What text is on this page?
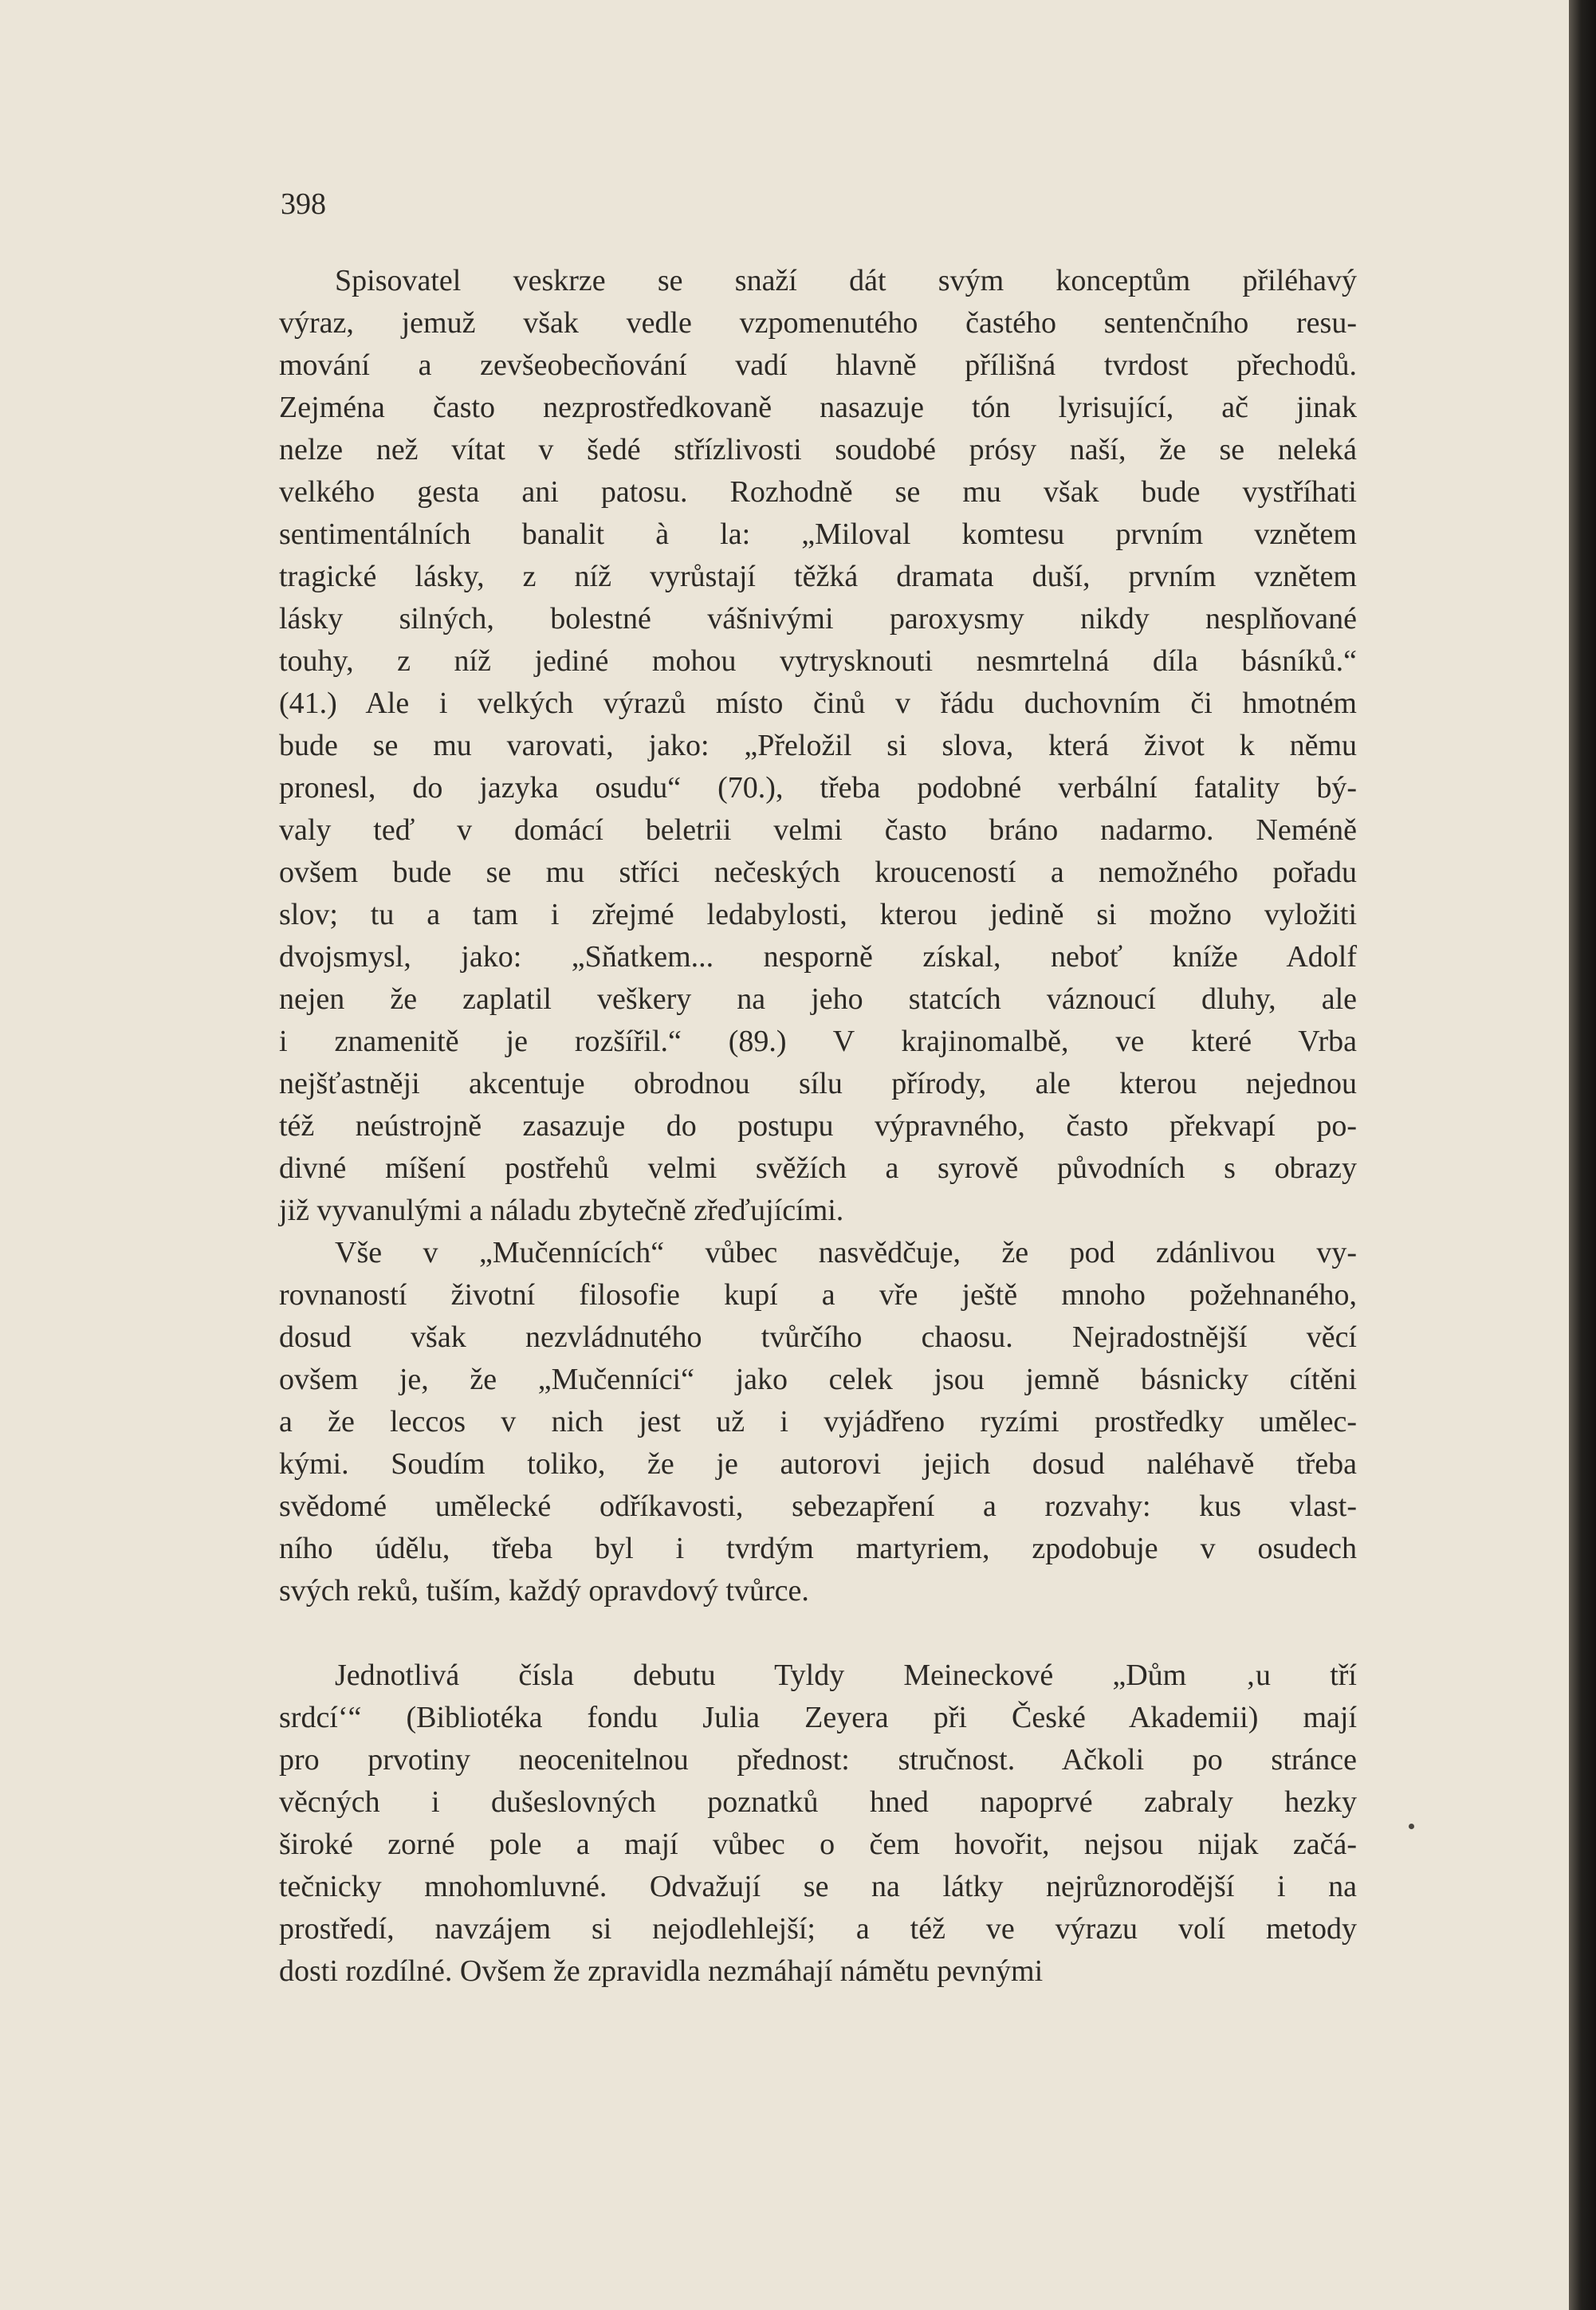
398
Spisovatel veskrze se snaží dát svým konceptům přiléhavý
výraz, jemuž však vedle vzpomenutého častého sentenčního resu-
mování a zevšeobecňování vadí hlavně přílišná tvrdost přechodů.
Zejména často nezprostředkovaně nasazuje tón lyrisující, ač jinak
nelze než vítat v šedé střízlivosti soudobé prósy naší, že se neleká
velkého gesta ani patosu. Rozhodně se mu však bude vystříhati
sentimentálních banalit à la: „Miloval komtesu prvním vznětem
tragické lásky, z níž vyrůstají těžká dramata duší, prvním vznětem
lásky silných, bolestné vášnivými paroxysmy nikdy nesplňované
touhy, z níž jediné mohou vytrysknouti nesmrtelná díla básníků.“
(41.) Ale i velkých výrazů místo činů v řádu duchovním či hmotném
bude se mu varovati, jako: „Přeložil si slova, která život k němu
pronesl, do jazyka osudu“ (70.), třeba podobné verbální fatality bý-
valy teď v domácí beletrii velmi často bráno nadarmo. Neméně
ovšem bude se mu stříci nečeských krouceností a nemožného pořadu
slov; tu a tam i zřejmé ledabylosti, kterou jedině si možno vyložiti
dvojsmysl, jako: „Sňatkem... nesporně získal, neboť kníže Adolf
nejen že zaplatil veškery na jeho statcích váznoucí dluhy, ale
i znamenitě je rozšířil.“ (89.) V krajinomalbě, ve které Vrba
nejšťastněji akcentuje obrodnou sílu přírody, ale kterou nejednou
též neústrojně zasazuje do postupu výpravného, často překvapí po-
divné míšení postřehů velmi svěžích a syrově původních s obrazy
již vyvanulými a náladu zbytečně zřeďujícími.
Vše v „Mučennících“ vůbec nasvědčuje, že pod zdánlivou vy-
rovnaností životní filosofie kupí a vře ještě mnoho požehnaného,
dosud však nezvládnutého tvůrčího chaosu. Nejradostnější věcí
ovšem je, že „Mučenníci“ jako celek jsou jemně básnicky cítěni
a že leccos v nich jest už i vyjádřeno ryzími prostředky umělec-
kými. Soudím toliko, že je autorovi jejich dosud naléhavě třeba
svědomé umělecké odříkavosti, sebezapření a rozvahy: kus vlast-
ního údělu, třeba byl i tvrdým martyriem, zpodobuje v osudech
svých reků, tuším, každý opravdový tvůrce.
Jednotlivá čísla debutu Tyldy Meineckové „Dům ‚u tří
srdcí‘“ (Bibliotéka fondu Julia Zeyera při České Akademii) mají
pro prvotiny neocenitelnou přednost: stručnost. Ačkoli po stránce
věcných i dušeslovných poznatků hned napoprvé zabraly hezky
široké zorné pole a mají vůbec o čem hovořit, nejsou nijak začá-
tečnicky mnohomluvné. Odvažují se na látky nejrůznorodější i na
prostředí, navzájem si nejodlehlejší; a též ve výrazu volí metody
dosti rozdílné. Ovšem že zpravidla nezmáhají námětu pevnými
